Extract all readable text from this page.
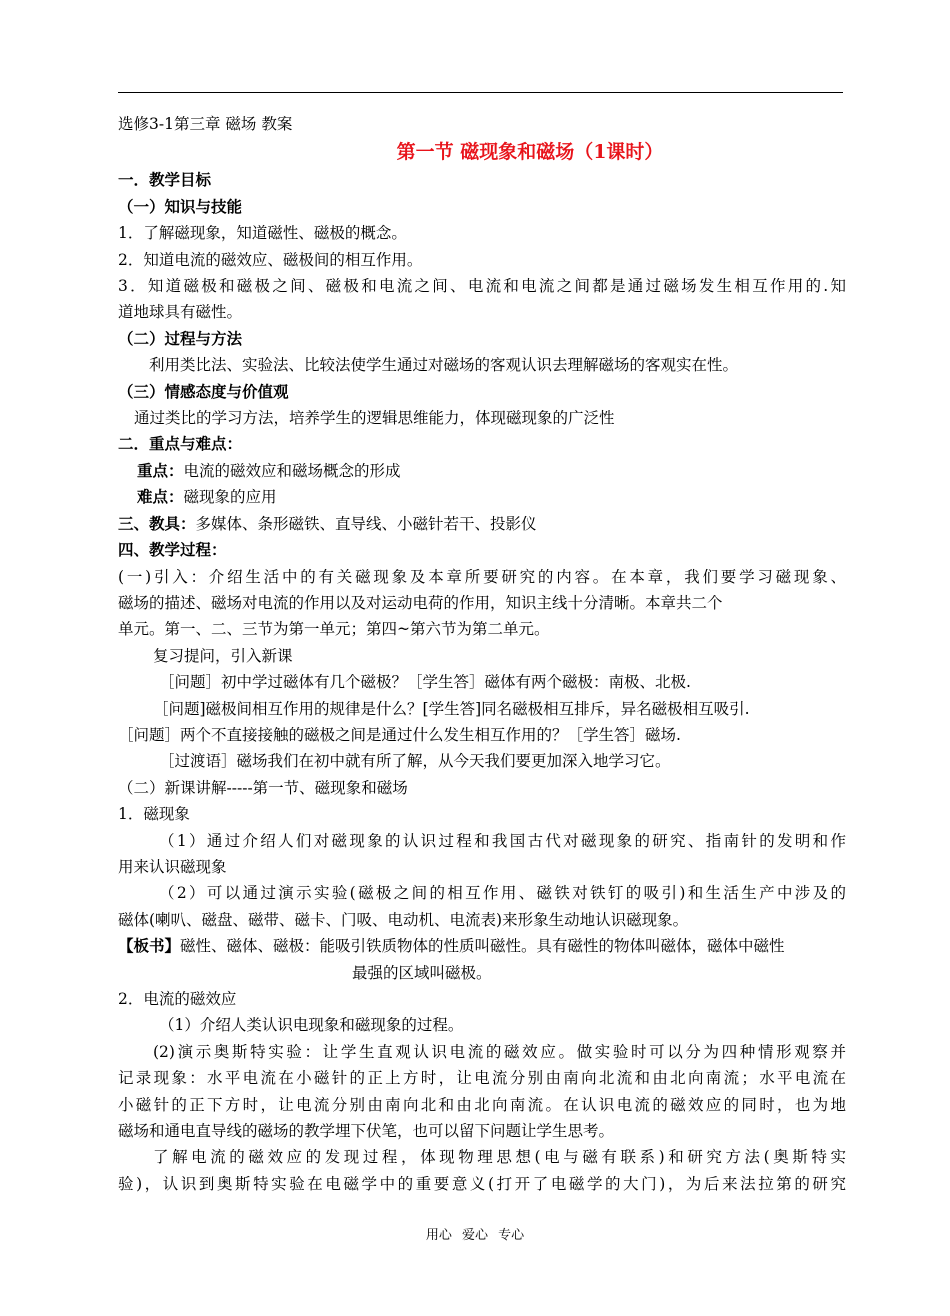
选修3-1第三章 磁场 教案
第一节 磁现象和磁场（1课时）
一．教学目标
（一）知识与技能
1．了解磁现象，知道磁性、磁极的概念。
2．知道电流的磁效应、磁极间的相互作用。
3．知道磁极和磁极之间、磁极和电流之间、电流和电流之间都是通过磁场发生相互作用的.知
道地球具有磁性。
（二）过程与方法
利用类比法、实验法、比较法使学生通过对磁场的客观认识去理解磁场的客观实在性。
（三）情感态度与价值观
通过类比的学习方法，培养学生的逻辑思维能力，体现磁现象的广泛性
二．重点与难点：
重点：电流的磁效应和磁场概念的形成
难点：磁现象的应用
三、教具：多媒体、条形磁铁、直导线、小磁针若干、投影仪
四、教学过程：
(一)引入：介绍生活中的有关磁现象及本章所要研究的内容。在本章，我们要学习磁现象、
磁场的描述、磁场对电流的作用以及对运动电荷的作用，知识主线十分清晰。本章共二个
单元。第一、二、三节为第一单元；第四~第六节为第二单元。
复习提问，引入新课
［问题］初中学过磁体有几个磁极？［学生答］磁体有两个磁极：南极、北极.
［问题]磁极间相互作用的规律是什么？[学生答]同名磁极相互排斥，异名磁极相互吸引.
［问题］两个不直接接触的磁极之间是通过什么发生相互作用的？［学生答］磁场.
［过渡语］磁场我们在初中就有所了解，从今天我们要更加深入地学习它。
（二）新课讲解-----第一节、磁现象和磁场
1．磁现象
（1）通过介绍人们对磁现象的认识过程和我国古代对磁现象的研究、指南针的发明和作
用来认识磁现象
（2）可以通过演示实验(磁极之间的相互作用、磁铁对铁钉的吸引)和生活生产中涉及的
磁体(喇叭、磁盘、磁带、磁卡、门吸、电动机、电流表)来形象生动地认识磁现象。
【板书】磁性、磁体、磁极：能吸引铁质物体的性质叫磁性。具有磁性的物体叫磁体，磁体中磁性
最强的区域叫磁极。
2．电流的磁效应
（1）介绍人类认识电现象和磁现象的过程。
(2)演示奥斯特实验：让学生直观认识电流的磁效应。做实验时可以分为四种情形观察并
记录现象：水平电流在小磁针的正上方时，让电流分别由南向北流和由北向南流；水平电流在
小磁针的正下方时，让电流分别由南向北和由北向南流。在认识电流的磁效应的同时，也为地
磁场和通电直导线的磁场的教学埋下伏笔，也可以留下问题让学生思考。
了解电流的磁效应的发现过程，体现物理思想(电与磁有联系)和研究方法(奥斯特实
验)，认识到奥斯特实验在电磁学中的重要意义(打开了电磁学的大门)，为后来法拉第的研究
用心 爱心 专心
